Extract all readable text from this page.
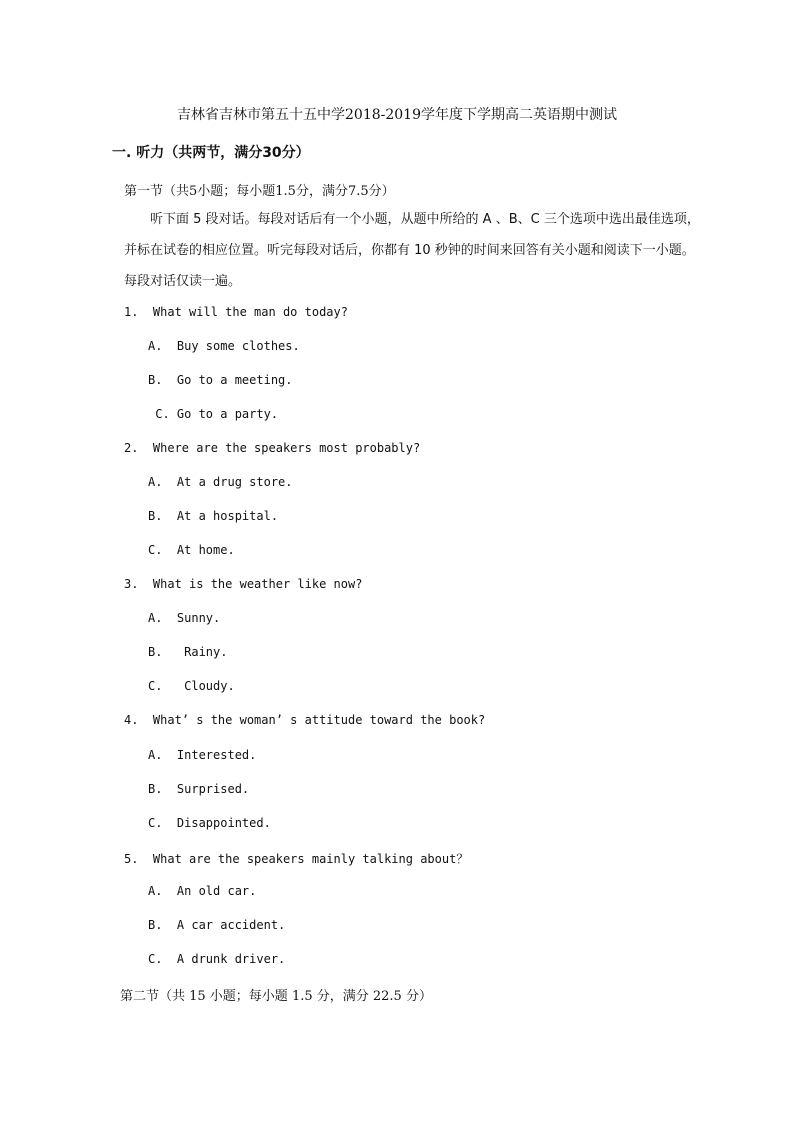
吉林省吉林市第五十五中学2018-2019学年度下学期高二英语期中测试
一. 听力（共两节，满分30分）
第一节（共5小题；每小题1.5分，满分7.5分）
听下面 5 段对话。每段对话后有一个小题，从题中所给的 A 、B、C 三个选项中选出最佳选项，
并标在试卷的相应位置。听完每段对话后，你都有 10 秒钟的时间来回答有关小题和阅读下一小题。
每段对话仅读一遍。
1.  What will the man do today?
A.  Buy some clothes.
B.  Go to a meeting.
C. Go to a party.
2.  Where are the speakers most probably?
A.  At a drug store.
B.  At a hospital.
C.  At home.
3.  What is the weather like now?
A.  Sunny.
B.   Rainy.
C.   Cloudy.
4.  What’ s the woman’ s attitude toward the book?
A.  Interested.
B.  Surprised.
C.  Disappointed.
5.  What are the speakers mainly talking about？
A.  An old car.
B.  A car accident.
C.  A drunk driver.
第二节（共 15 小题；每小题 1.5 分，满分 22.5 分）
